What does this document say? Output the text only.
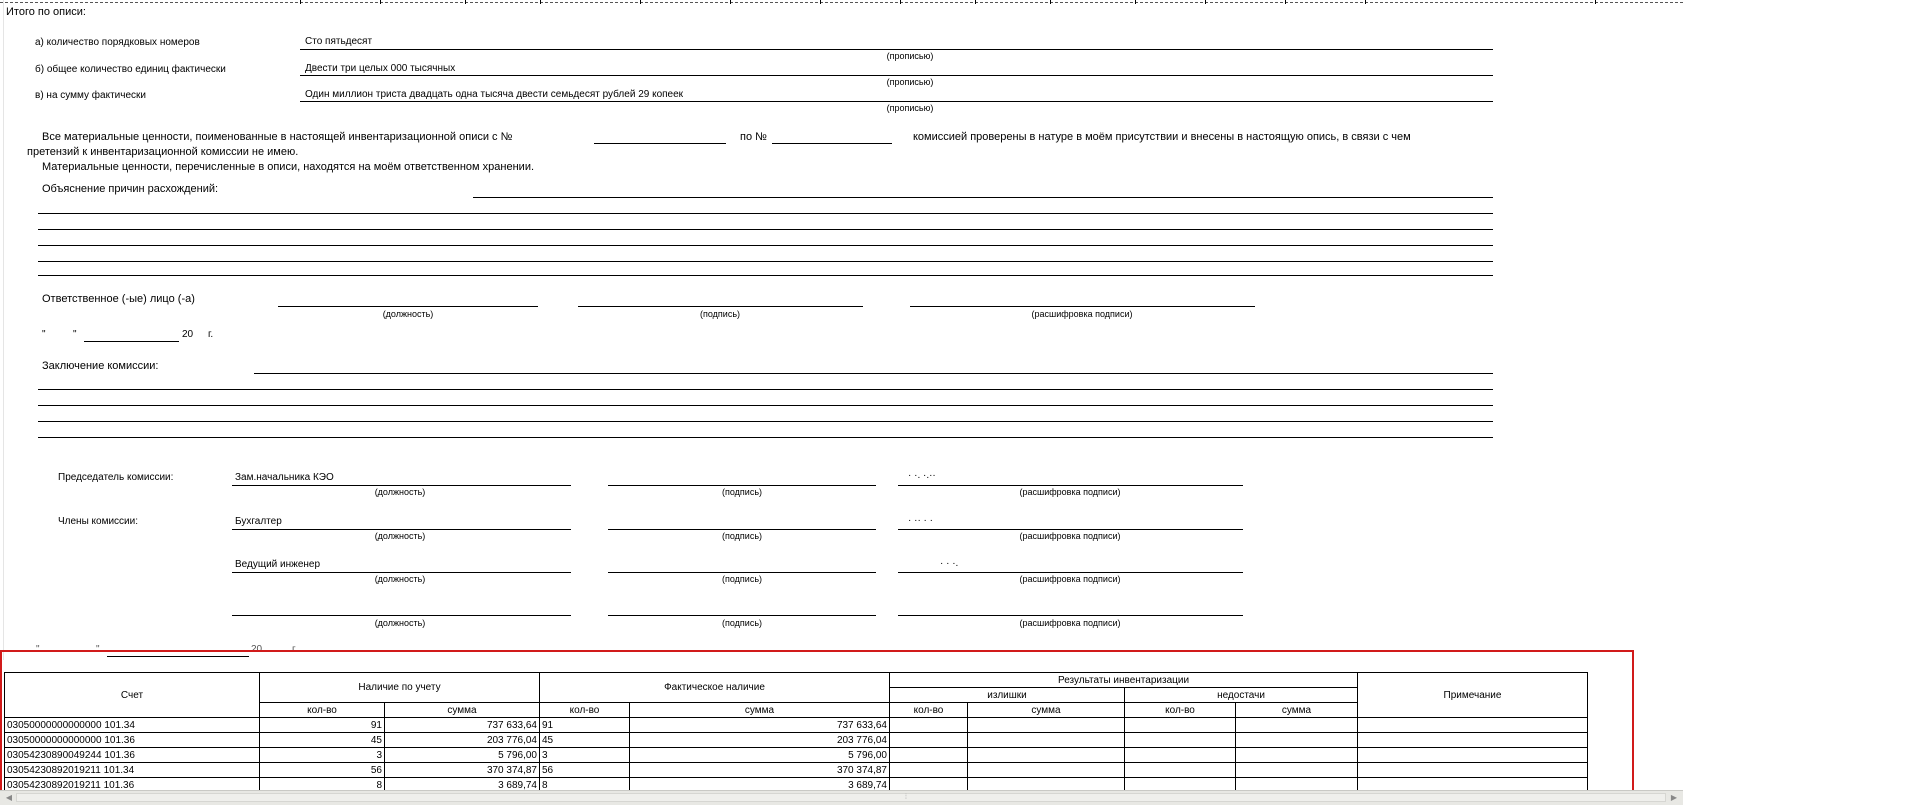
Итого по описи:
а) количество порядковых номеров	Сто пятьдесят
(прописью)
б) общее количество единиц фактически	Двести три целых 000 тысячных
(прописью)
в) на сумму фактически	Один миллион триста двадцать одна тысяча двести семьдесят рублей 29 копеек
(прописью)
Все материальные ценности, поименованные в настоящей инвентаризационной описи с №	по №	комиссией проверены в натуре в моём присутствии и внесены в настоящую опись, в связи с чем
претензий к инвентаризационной комиссии не имею.
Материальные ценности, перечисленные в описи, находятся на моём ответственном хранении.
Объяснение причин расхождений:
Ответственное (-ые) лицо (-а)
(должность)	(подпись)	(расшифровка подписи)
"	"	20 г.
Заключение комиссии:
Председатель комиссии:
Члены комиссии:
Зам.начальника КЭО	· ·. ·.··
(должность)	(подпись)	(расшифровка подписи)
Бухгалтер	· ·· · ·
(должность)	(подпись)	(расшифровка подписи)
Ведущий инженер	· · ·.
(должность)	(подпись)	(расшифровка подписи)
(должность)	(подпись)	(расшифровка подписи)
"	"	20	г.
Счет	Наличие по учету		Фактическое наличие		Результаты инвентаризации				Примечание
					излишки		недостачи		
	кол-во	сумма	кол-во	сумма	кол-во	сумма	кол-во	сумма	
03050000000000000 101.34	91	737 633,64	91	737 633,64					
03050000000000000 101.36	45	203 776,04	45	203 776,04					
03054230890049244 101.36	3	5 796,00	3	5 796,00					
03054230892019211 101.34	56	370 374,87	56	370 374,87					
03054230892019211 101.36	8	3 689,74	8	3 689,74					
◀	⁞	▶
